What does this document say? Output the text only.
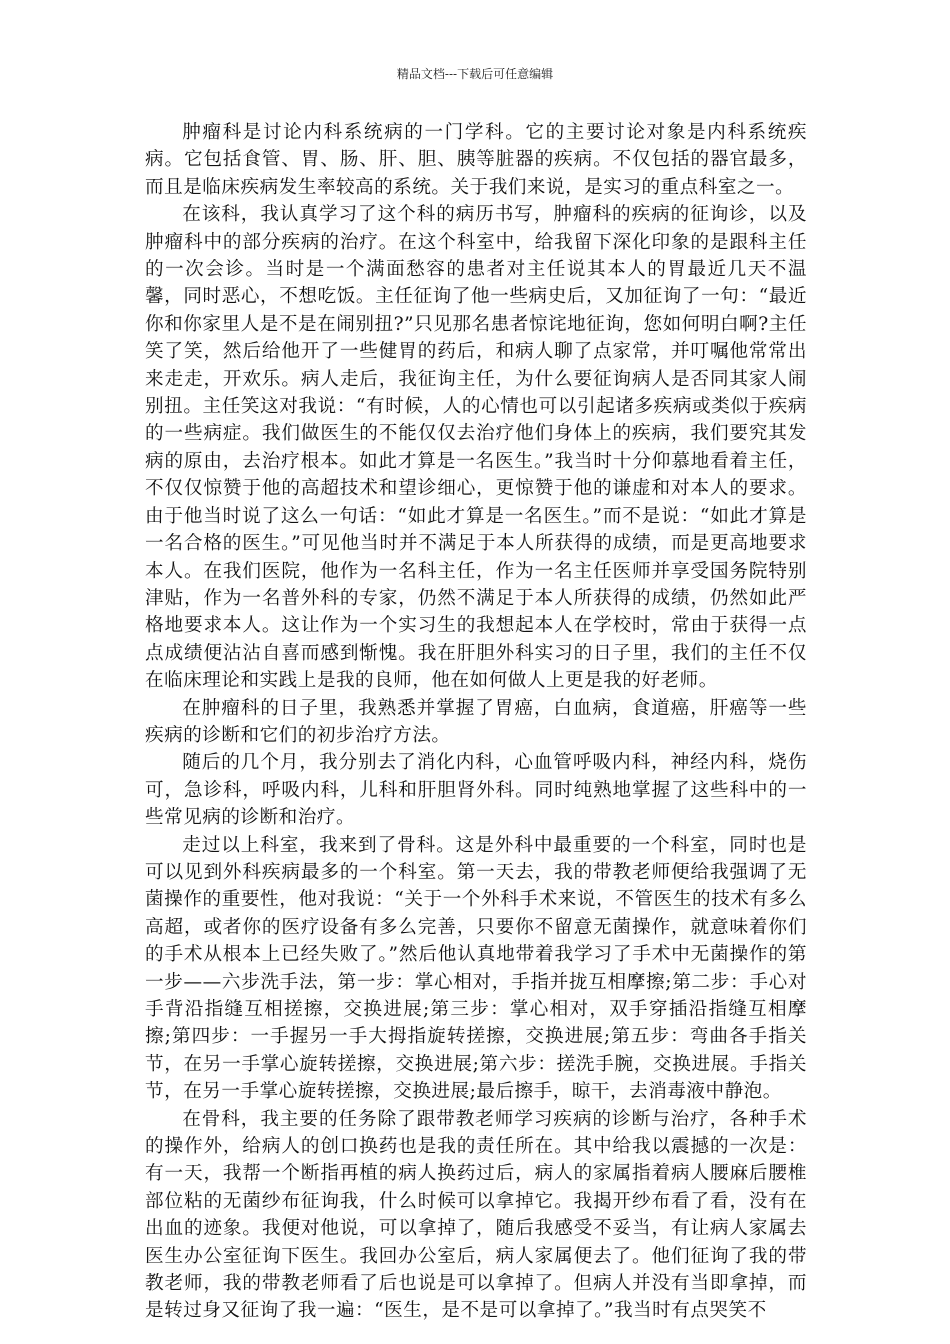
精品文档---下载后可任意编辑

肿瘤科是讨论内科系统病的一门学科。它的主要讨论对象是内科系统疾病。它包括食管、胃、肠、肝、胆、胰等脏器的疾病。不仅包括的器官最多，而且是临床疾病发生率较高的系统。关于我们来说，是实习的重点科室之一。

在该科，我认真学习了这个科的病历书写，肿瘤科的疾病的征询诊，以及肿瘤科中的部分疾病的治疗。在这个科室中，给我留下深化印象的是跟科主任的一次会诊。当时是一个满面愁容的患者对主任说其本人的胃最近几天不温馨，同时恶心，不想吃饭。主任征询了他一些病史后，又加征询了一句：“最近你和你家里人是不是在闹别扭?”只见那名患者惊诧地征询，您如何明白啊?主任笑了笑，然后给他开了一些健胃的药后，和病人聊了点家常，并叮嘱他常常出来走走，开欢乐。病人走后，我征询主任，为什么要征询病人是否同其家人闹别扭。主任笑这对我说：“有时候，人的心情也可以引起诸多疾病或类似于疾病的一些病症。我们做医生的不能仅仅去治疗他们身体上的疾病，我们要究其发病的原由，去治疗根本。如此才算是一名医生。”我当时十分仰慕地看着主任，不仅仅惊赞于他的高超技术和望诊细心，更惊赞于他的谦虚和对本人的要求。由于他当时说了这么一句话：“如此才算是一名医生。”而不是说：“如此才算是一名合格的医生。”可见他当时并不满足于本人所获得的成绩，而是更高地要求本人。在我们医院，他作为一名科主任，作为一名主任医师并享受国务院特别津贴，作为一名普外科的专家，仍然不满足于本人所获得的成绩，仍然如此严格地要求本人。这让作为一个实习生的我想起本人在学校时，常由于获得一点点成绩便沾沾自喜而感到惭愧。我在肝胆外科实习的日子里，我们的主任不仅在临床理论和实践上是我的良师，他在如何做人上更是我的好老师。

在肿瘤科的日子里，我熟悉并掌握了胃癌，白血病，食道癌，肝癌等一些疾病的诊断和它们的初步治疗方法。

随后的几个月，我分别去了消化内科，心血管呼吸内科，神经内科，烧伤可，急诊科，呼吸内科，儿科和肝胆肾外科。同时纯熟地掌握了这些科中的一些常见病的诊断和治疗。

走过以上科室，我来到了骨科。这是外科中最重要的一个科室，同时也是可以见到外科疾病最多的一个科室。第一天去，我的带教老师便给我强调了无菌操作的重要性，他对我说：“关于一个外科手术来说，不管医生的技术有多么高超，或者你的医疗设备有多么完善，只要你不留意无菌操作，就意味着你们的手术从根本上已经失败了。”然后他认真地带着我学习了手术中无菌操作的第一步——六步洗手法，第一步：掌心相对，手指并拢互相摩擦;第二步：手心对手背沿指缝互相搓擦，交换进展;第三步：掌心相对，双手穿插沿指缝互相摩擦;第四步：一手握另一手大拇指旋转搓擦，交换进展;第五步：弯曲各手指关节，在另一手掌心旋转搓擦，交换进展;第六步：搓洗手腕，交换进展。手指关节，在另一手掌心旋转搓擦，交换进展;最后擦手，晾干，去消毒液中静泡。

在骨科，我主要的任务除了跟带教老师学习疾病的诊断与治疗，各种手术的操作外，给病人的创口换药也是我的责任所在。其中给我以震撼的一次是：有一天，我帮一个断指再植的病人换药过后，病人的家属指着病人腰麻后腰椎部位粘的无菌纱布征询我，什么时候可以拿掉它。我揭开纱布看了看，没有在出血的迹象。我便对他说，可以拿掉了，随后我感受不妥当，有让病人家属去医生办公室征询下医生。我回办公室后，病人家属便去了。他们征询了我的带教老师，我的带教老师看了后也说是可以拿掉了。但病人并没有当即拿掉，而是转过身又征询了我一遍：“医生，是不是可以拿掉了。”我当时有点哭笑不
